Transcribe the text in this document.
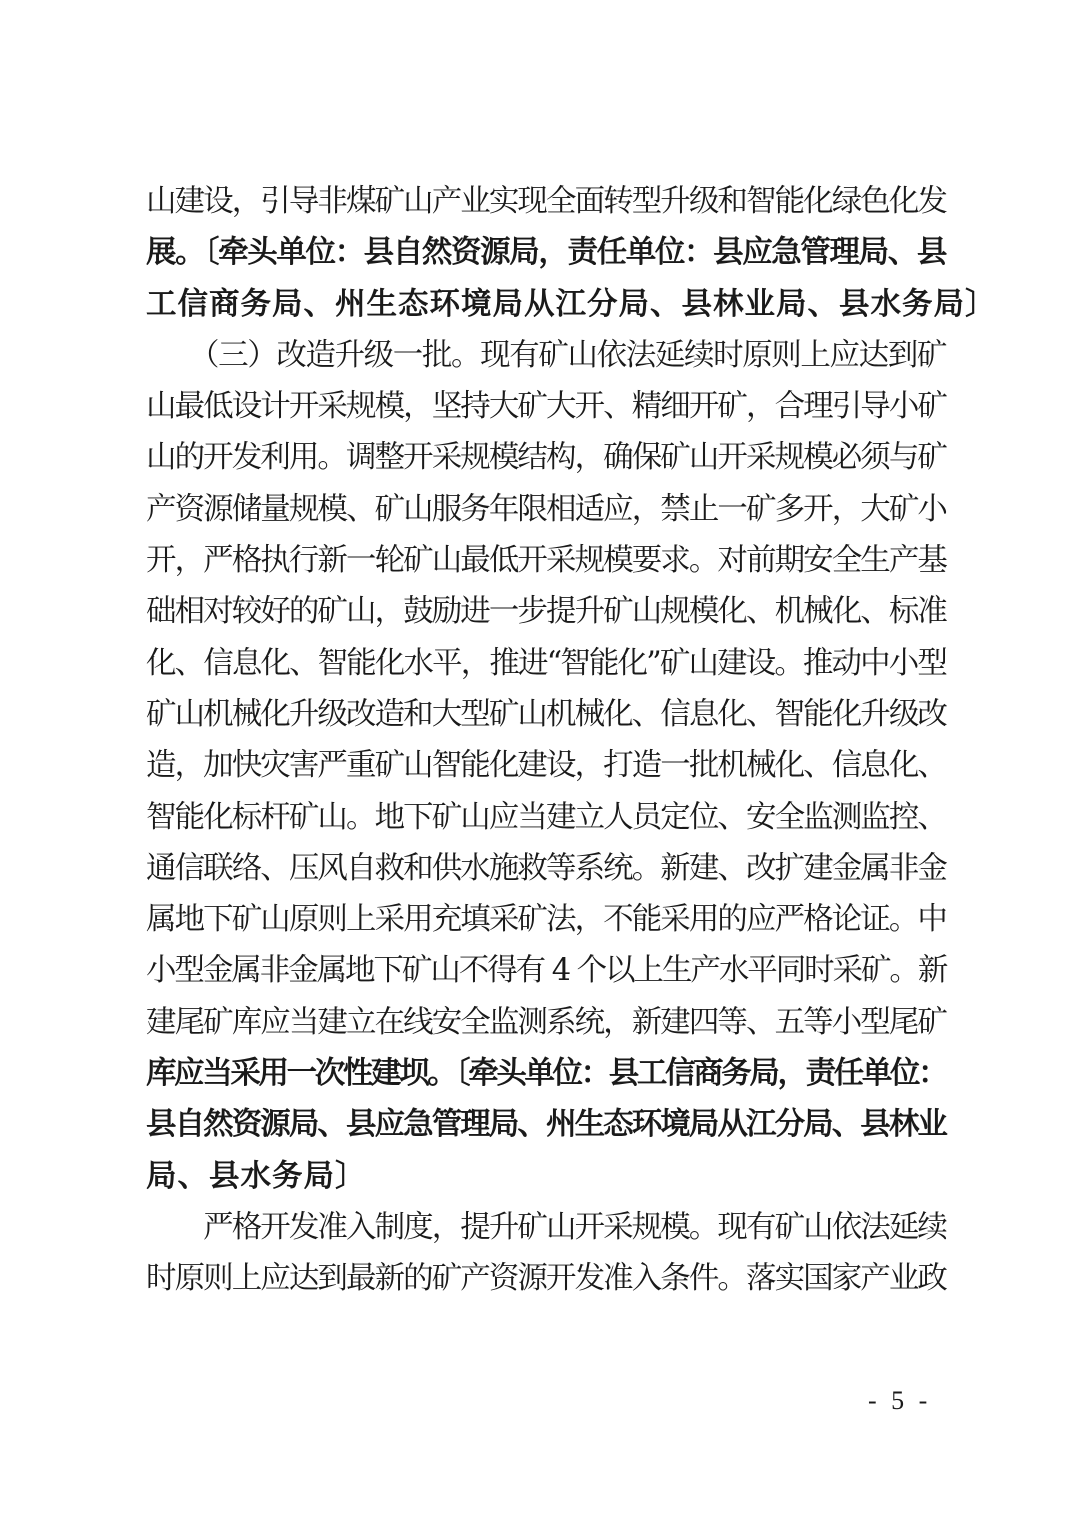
山建设，引导非煤矿山产业实现全面转型升级和智能化绿色化发
展。〔牵头单位：县自然资源局，责任单位：县应急管理局、县
工信商务局、州生态环境局从江分局、县林业局、县水务局〕

　　（三）改造升级一批。现有矿山依法延续时原则上应达到矿
山最低设计开采规模，坚持大矿大开、精细开矿，合理引导小矿
山的开发利用。调整开采规模结构，确保矿山开采规模必须与矿
产资源储量规模、矿山服务年限相适应，禁止一矿多开，大矿小
开，严格执行新一轮矿山最低开采规模要求。对前期安全生产基
础相对较好的矿山，鼓励进一步提升矿山规模化、机械化、标准
化、信息化、智能化水平，推进“智能化”矿山建设。推动中小型
矿山机械化升级改造和大型矿山机械化、信息化、智能化升级改
造，加快灾害严重矿山智能化建设，打造一批机械化、信息化、
智能化标杆矿山。地下矿山应当建立人员定位、安全监测监控、
通信联络、压风自救和供水施救等系统。新建、改扩建金属非金
属地下矿山原则上采用充填采矿法，不能采用的应严格论证。中
小型金属非金属地下矿山不得有 4 个以上生产水平同时采矿。新
建尾矿库应当建立在线安全监测系统，新建四等、五等小型尾矿
库应当采用一次性建坝。〔牵头单位：县工信商务局，责任单位：
县自然资源局、县应急管理局、州生态环境局从江分局、县林业
局、县水务局〕

　　严格开发准入制度，提升矿山开采规模。现有矿山依法延续
时原则上应达到最新的矿产资源开发准入条件。落实国家产业政

- 5 -
